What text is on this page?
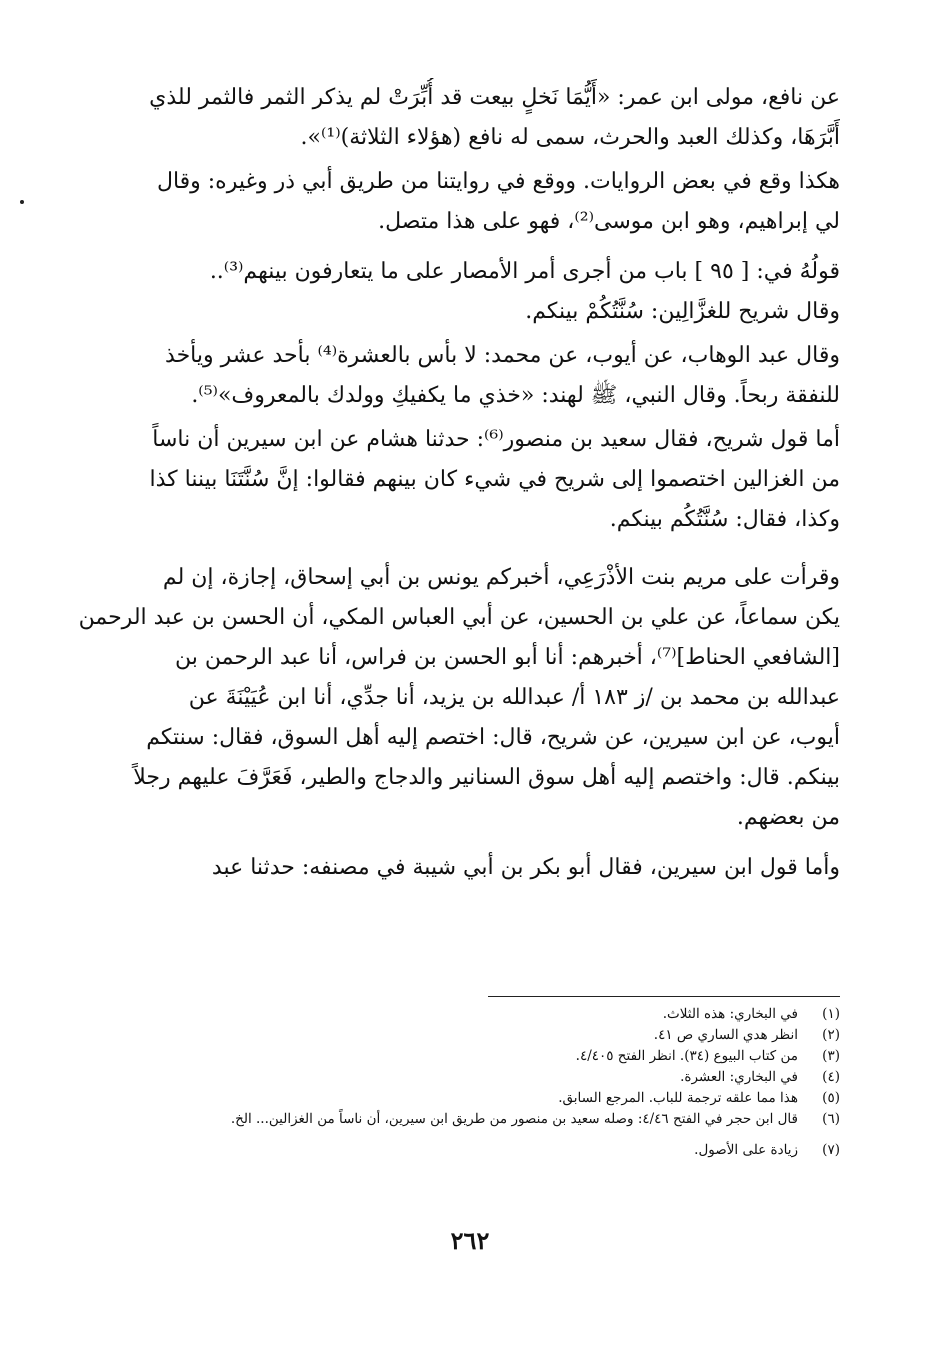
عن نافع، مولى ابن عمر: «أَيُّمَا نَخلٍ بيعت قد أُبِّرَتْ لم يذكر الثمر فالثمر للذي
أَبَّرَهَا، وكذلك العبد والحرث، سمى له نافع (هؤلاء الثلاثة)⁽¹⁾».
هكذا وقع في بعض الروايات. ووقع في روايتنا من طريق أبي ذر وغيره: وقال
لي إبراهيم، وهو ابن موسى⁽²⁾، فهو على هذا متصل.
قولُهُ في: [ ٩٥ ] باب من أجرى أمر الأمصار على ما يتعارفون بينهم⁽³⁾..
وقال شريح للغزَّالِين: سُنَّتُكُمْ بينكم.
وقال عبد الوهاب، عن أيوب، عن محمد: لا بأس بالعشرة⁽⁴⁾ بأحد عشر ويأخذ
للنفقة ربحاً. وقال النبي، ﷺ لهند: «خذي ما يكفيكِ وولدك بالمعروف»⁽⁵⁾.
أما قول شريح، فقال سعيد بن منصور⁽⁶⁾: حدثنا هشام عن ابن سيرين أن ناساً
من الغزالين اختصموا إلى شريح في شيء كان بينهم فقالوا: إنَّ سُنَّتَنَا بيننا كذا
وكذا، فقال: سُنَّتُكُم بينكم.
وقرأت على مريم بنت الأذْرَعِي، أخبركم يونس بن أبي إسحاق، إجازة، إن لم
يكن سماعاً، عن علي بن الحسين، عن أبي العباس المكي، أن الحسن بن عبد الرحمن
[الشافعي الحناط]⁽⁷⁾، أخبرهم: أنا أبو الحسن بن فراس، أنا عبد الرحمن بن
عبدالله بن محمد بن /ز ١٨٣ أ/ عبدالله بن يزيد، أنا جدِّي، أنا ابن عُيَيْنَةَ عن
أيوب، عن ابن سيرين، عن شريح، قال: اختصم إليه أهل السوق، فقال: سنتكم
بينكم. قال: واختصم إليه أهل سوق السنانير والدجاج والطير، فَعَرَّفَ عليهم رجلاً
من بعضهم.
وأما قول ابن سيرين، فقال أبو بكر بن أبي شيبة في مصنفه: حدثنا عبد
(١)
في البخاري: هذه الثلاث.
(٢)
انظر هدي الساري ص ٤١.
(٣)
من كتاب البيوع (٣٤). انظر الفتح ٤/٤٠٥.
(٤)
في البخاري: العشرة.
(٥)
هذا مما علقه ترجمة للباب. المرجع السابق.
(٦)
قال ابن حجر في الفتح ٤/٤٦: وصله سعيد بن منصور من طريق ابن سيرين، أن ناساً من الغزالين... الخ.
(٧)
زيادة على الأصول.
٢٦٢
